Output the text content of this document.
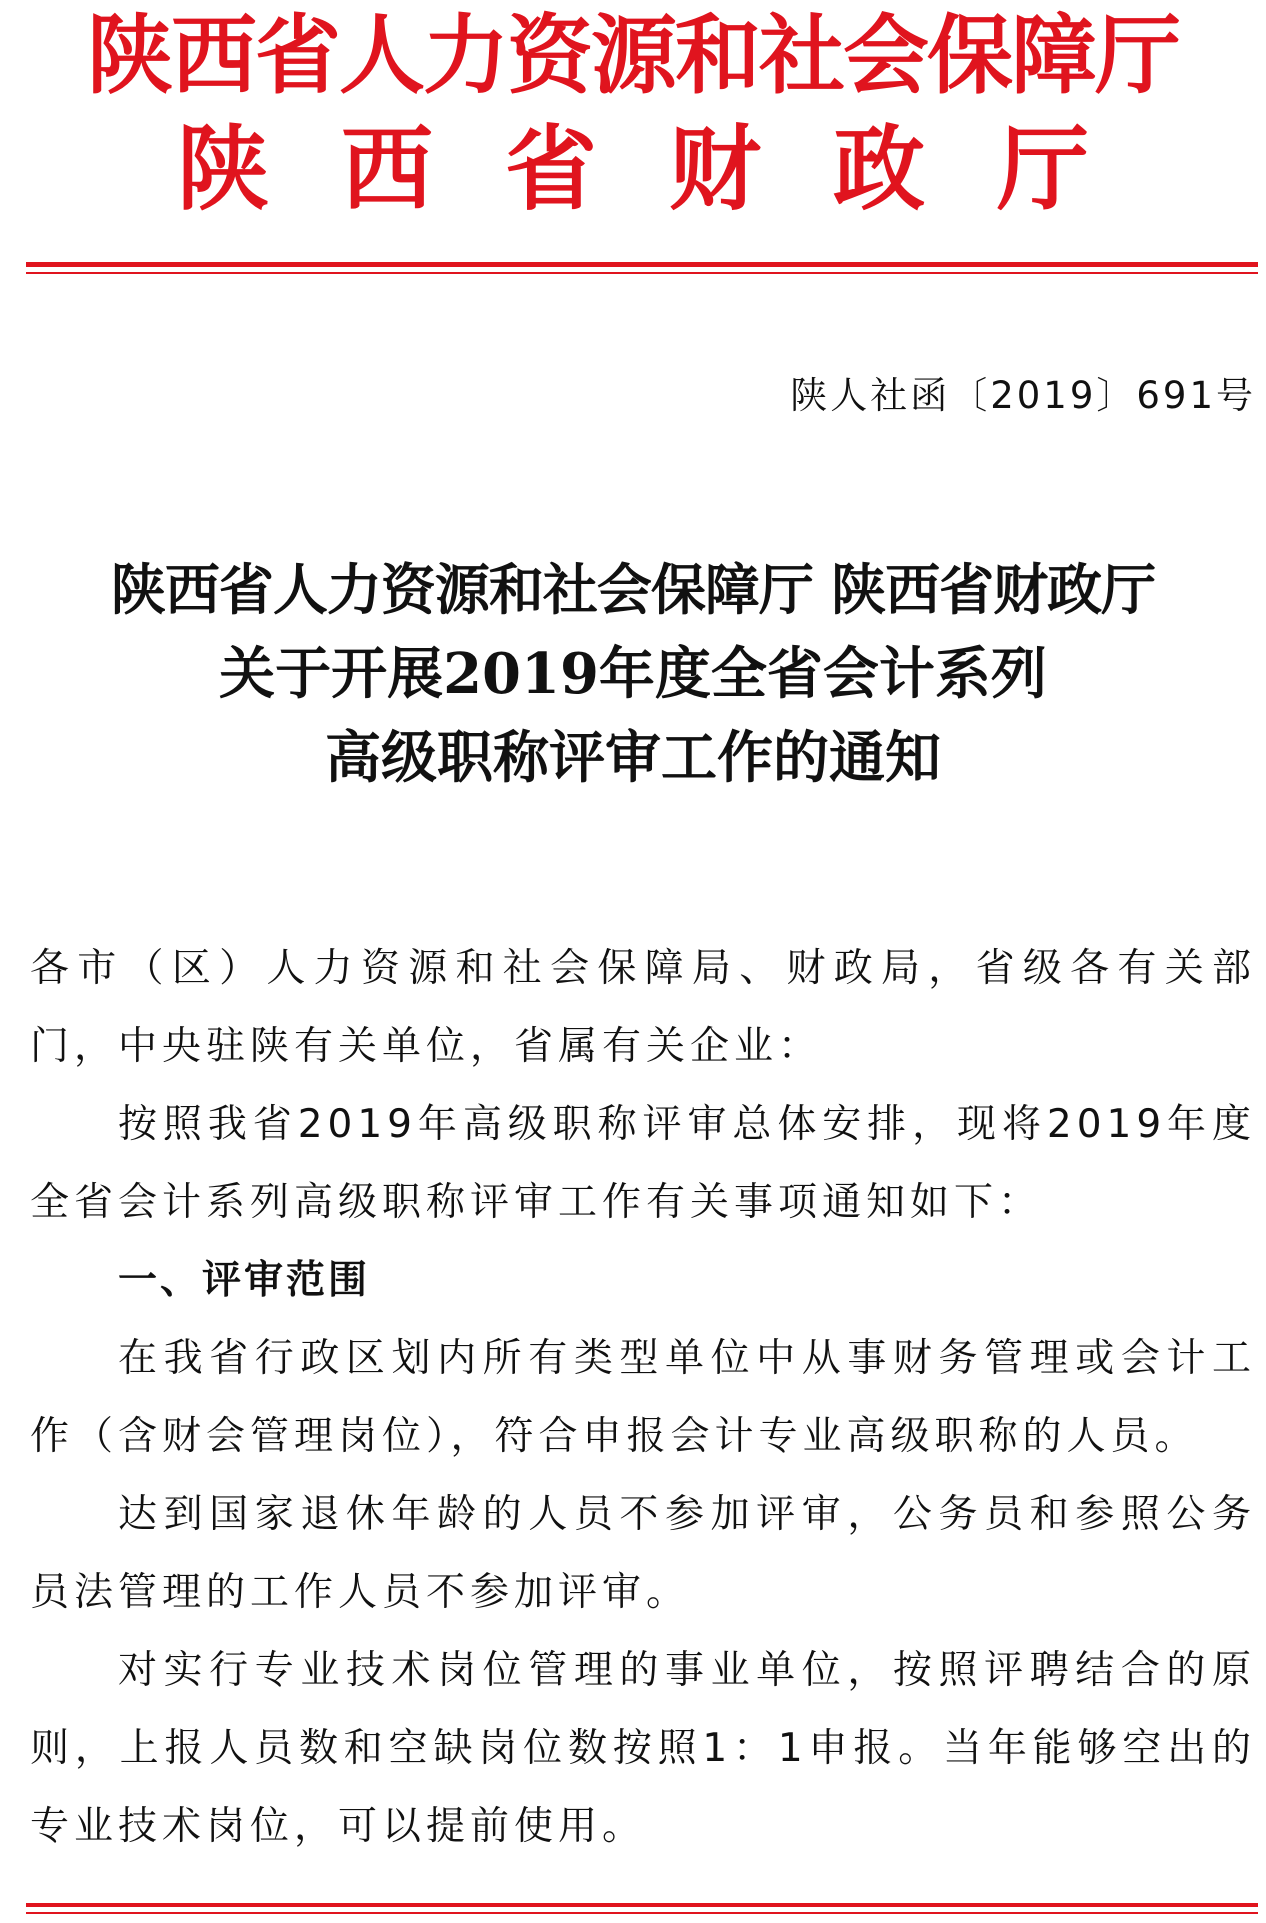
陕西省人力资源和社会保障厅
陕西省财政厅
陕人社函〔2019〕691号
陕西省人力资源和社会保障厅 陕西省财政厅
关于开展2019年度全省会计系列
高级职称评审工作的通知

各市（区）人力资源和社会保障局、财政局，省级各有关部门，中央驻陕有关单位，省属有关企业：

按照我省2019年高级职称评审总体安排，现将2019年度全省会计系列高级职称评审工作有关事项通知如下：

一、评审范围

在我省行政区划内所有类型单位中从事财务管理或会计工作（含财会管理岗位），符合申报会计专业高级职称的人员。

达到国家退休年龄的人员不参加评审，公务员和参照公务员法管理的工作人员不参加评审。

对实行专业技术岗位管理的事业单位，按照评聘结合的原则，上报人员数和空缺岗位数按照1：1申报。当年能够空出的专业技术岗位，可以提前使用。
